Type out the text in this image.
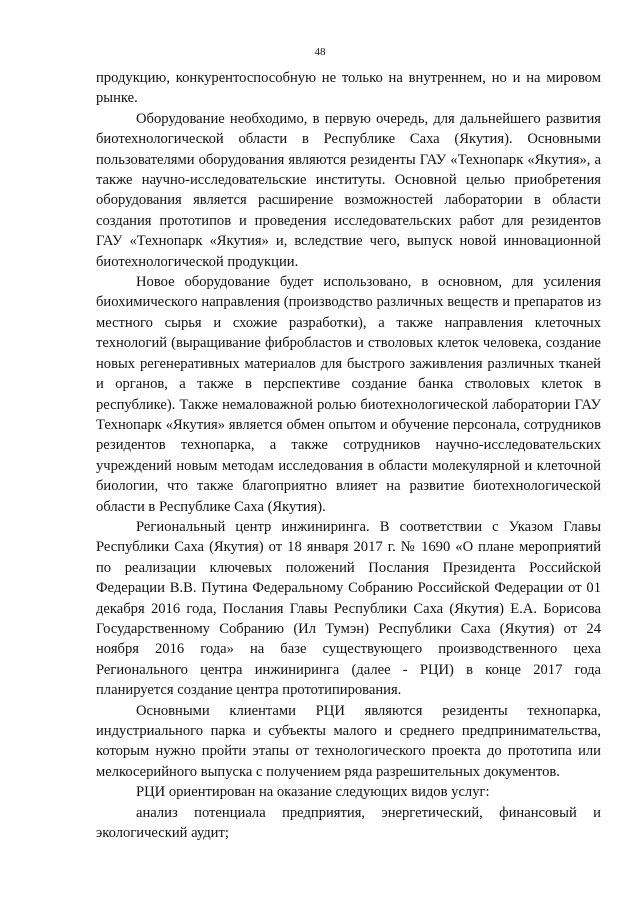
48

продукцию, конкурентоспособную не только на внутреннем, но и на мировом рынке.

Оборудование необходимо, в первую очередь, для дальнейшего развития биотехнологической области в Республике Саха (Якутия). Основными пользователями оборудования являются резиденты ГАУ «Технопарк «Якутия», а также научно-исследовательские институты. Основной целью приобретения оборудования является расширение возможностей лаборатории в области создания прототипов и проведения исследовательских работ для резидентов ГАУ «Технопарк «Якутия» и, вследствие чего, выпуск новой инновационной биотехнологической продукции.

Новое оборудование будет использовано, в основном, для усиления биохимического направления (производство различных веществ и препаратов из местного сырья и схожие разработки), а также направления клеточных технологий (выращивание фибробластов и стволовых клеток человека, создание новых регенеративных материалов для быстрого заживления различных тканей и органов, а также в перспективе создание банка стволовых клеток в республике). Также немаловажной ролью биотехнологической лаборатории ГАУ Технопарк «Якутия» является обмен опытом и обучение персонала, сотрудников резидентов технопарка, а также сотрудников научно-исследовательских учреждений новым методам исследования в области молекулярной и клеточной биологии, что также благоприятно влияет на развитие биотехнологической области в Республике Саха (Якутия).

Региональный центр инжиниринга. В соответствии с Указом Главы Республики Саха (Якутия) от 18 января 2017 г. № 1690 «О плане мероприятий по реализации ключевых положений Послания Президента Российской Федерации В.В. Путина Федеральному Собранию Российской Федерации от 01 декабря 2016 года, Послания Главы Республики Саха (Якутия) Е.А. Борисова Государственному Собранию (Ил Тумэн) Республики Саха (Якутия) от 24 ноября 2016 года» на базе существующего производственного цеха Регионального центра инжиниринга (далее - РЦИ) в конце 2017 года планируется создание центра прототипирования.

Основными клиентами РЦИ являются резиденты технопарка, индустриального парка и субъекты малого и среднего предпринимательства, которым нужно пройти этапы от технологического проекта до прототипа или мелкосерийного выпуска с получением ряда разрешительных документов.

РЦИ ориентирован на оказание следующих видов услуг:

анализ потенциала предприятия, энергетический, финансовый и экологический аудит;
